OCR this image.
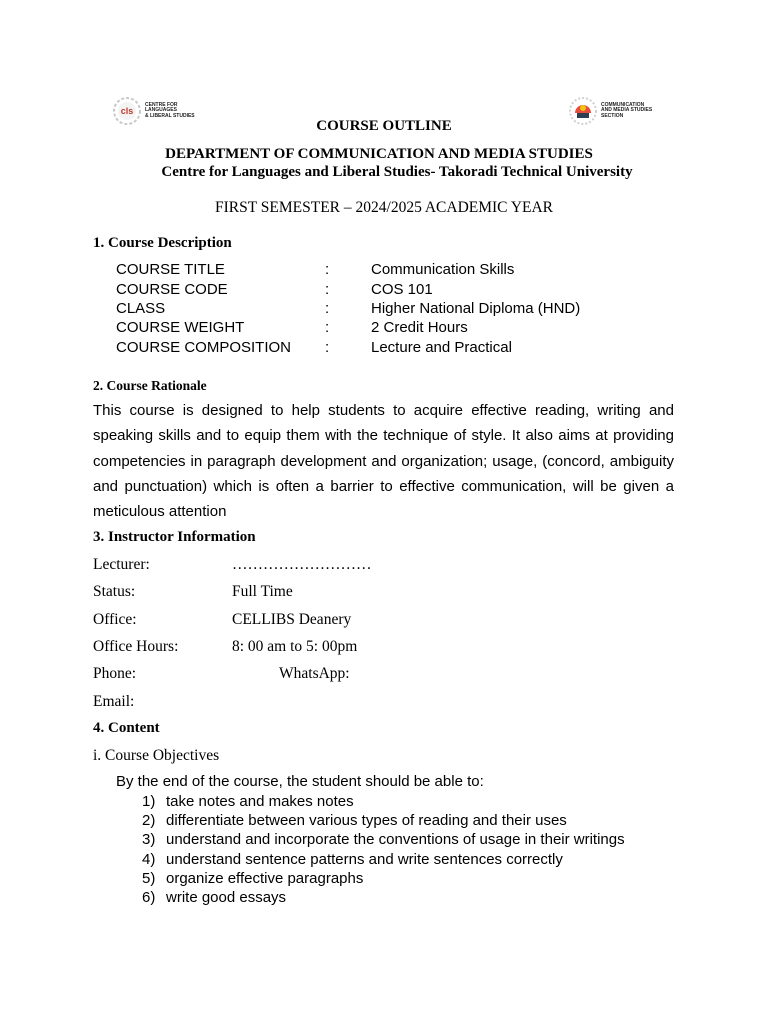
cls
CENTRE FOR
LANGUAGES
& LIBERAL STUDIES
COMMUNICATION
AND MEDIA STUDIES
SECTION
COURSE OUTLINE
DEPARTMENT OF COMMUNICATION AND MEDIA STUDIES
Centre for Languages and Liberal Studies- Takoradi Technical University
FIRST SEMESTER – 2024/2025 ACADEMIC YEAR
1. Course Description
COURSE TITLE	:	Communication Skills
COURSE CODE	:	COS 101
CLASS	:	Higher National Diploma (HND)
COURSE WEIGHT	:	2 Credit Hours
COURSE COMPOSITION :	Lecture and Practical
2. Course Rationale
This course is designed to help students to acquire effective reading, writing and speaking skills and to equip them with the technique of style. It also aims at providing competencies in paragraph development and organization; usage, (concord, ambiguity and punctuation) which is often a barrier to effective communication, will be given a meticulous attention
3. Instructor Information
Lecturer:	………………………
Status:	Full Time
Office:	CELLIBS Deanery
Office Hours:	8: 00 am to 5: 00pm
Phone:	WhatsApp:
Email:
4. Content
i. Course Objectives
By the end of the course, the student should be able to:
1) take notes and makes notes
2) differentiate between various types of reading and their uses
3) understand and incorporate the conventions of usage in their writings
4) understand sentence patterns and write sentences correctly
5) organize effective paragraphs
6) write good essays
